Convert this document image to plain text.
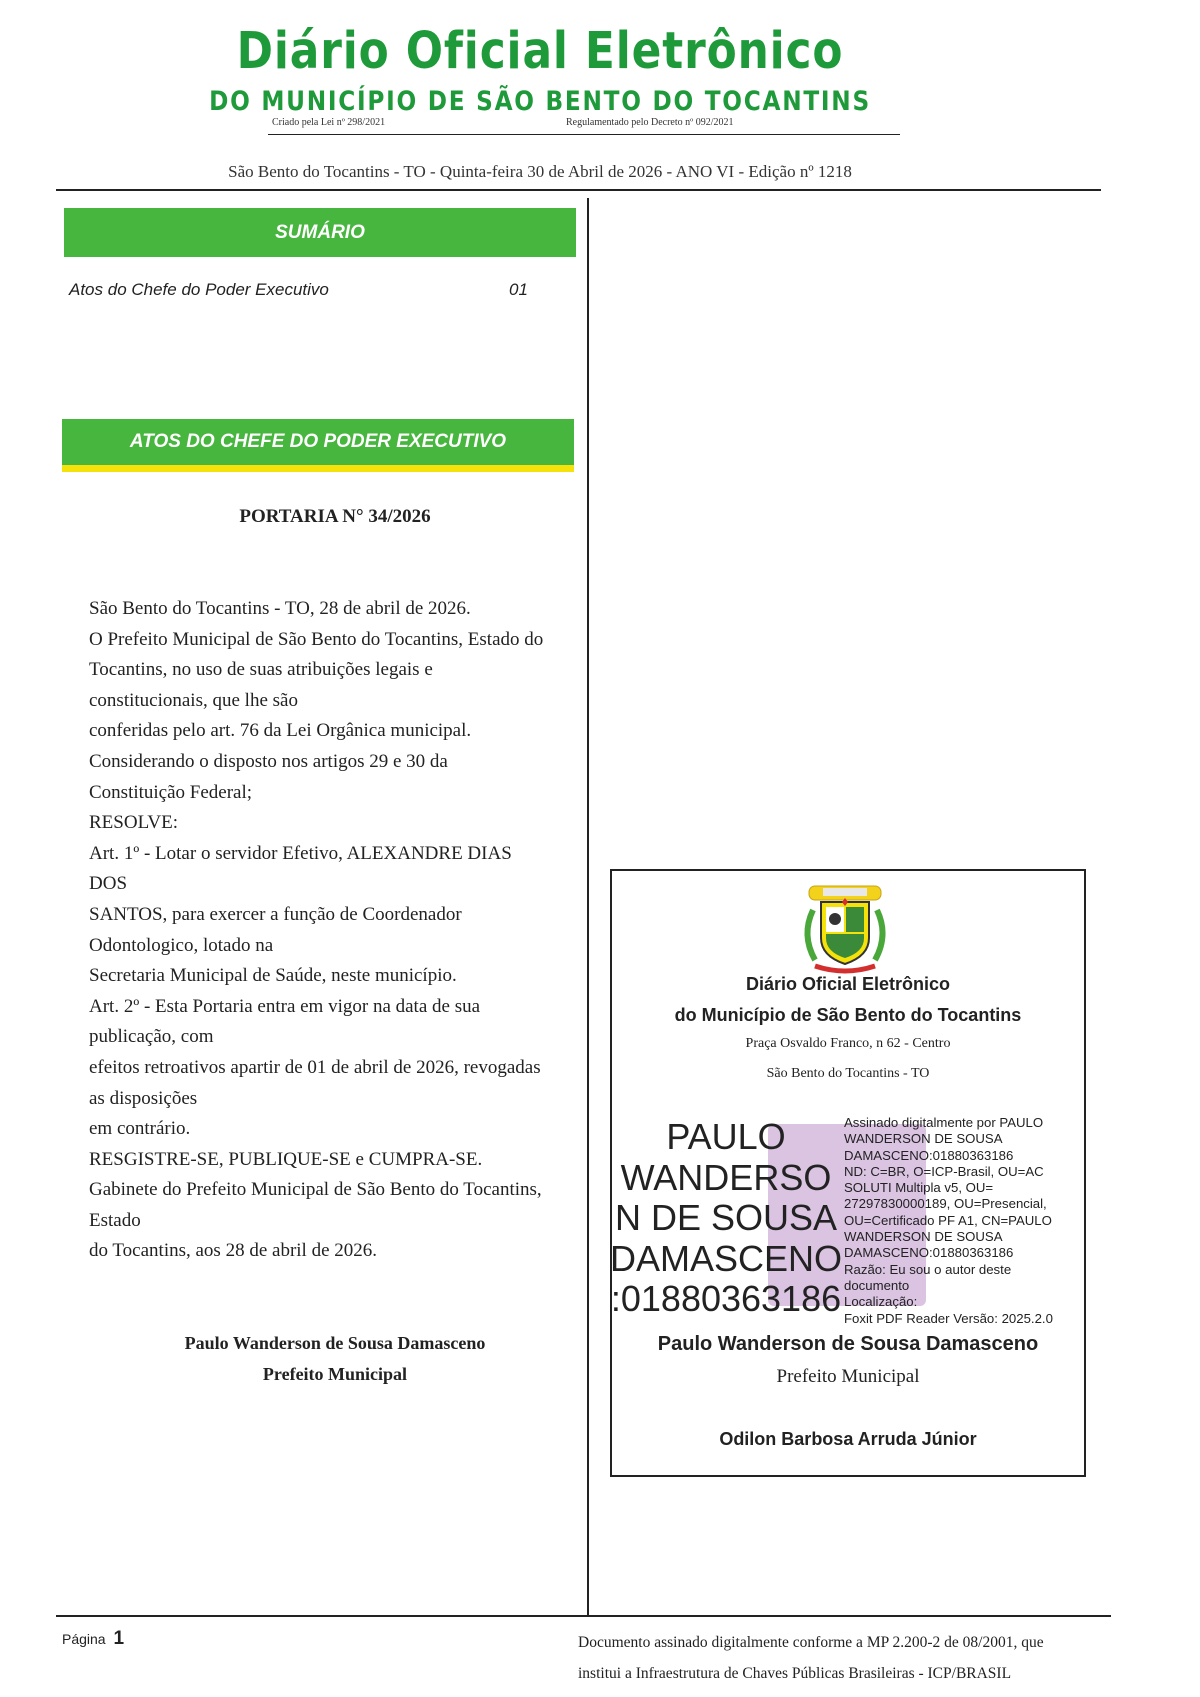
Diário Oficial Eletrônico
DO MUNICÍPIO DE SÃO BENTO DO TOCANTINS
Criado pela Lei nº 298/2021	Regulamentado pelo Decreto nº 092/2021
São Bento do Tocantins - TO - Quinta-feira 30 de Abril de 2026 - ANO VI - Edição nº 1218
SUMÁRIO
Atos do Chefe do Poder Executivo	01
ATOS DO CHEFE DO PODER EXECUTIVO
PORTARIA N° 34/2026
São Bento do Tocantins - TO, 28 de abril de 2026.
O Prefeito Municipal de São Bento do Tocantins, Estado do
Tocantins, no uso de suas atribuições legais e
constitucionais, que lhe são
conferidas pelo art. 76 da Lei Orgânica municipal.
Considerando o disposto nos artigos 29 e 30 da
Constituição Federal;
RESOLVE:
Art. 1º - Lotar o servidor Efetivo, ALEXANDRE DIAS
DOS
SANTOS, para exercer a função de Coordenador
Odontologico, lotado na
Secretaria Municipal de Saúde, neste município.
Art. 2º - Esta Portaria entra em vigor na data de sua
publicação, com
efeitos retroativos apartir de 01 de abril de 2026, revogadas
as disposições
em contrário.
RESGISTRE-SE, PUBLIQUE-SE e CUMPRA-SE.
Gabinete do Prefeito Municipal de São Bento do Tocantins,
Estado
do Tocantins, aos 28 de abril de 2026.
Paulo Wanderson de Sousa Damasceno
Prefeito Municipal
Diário Oficial Eletrônico
do Município de São Bento do Tocantins
Praça Osvaldo Franco, n 62 - Centro
São Bento do Tocantins - TO
PAULO
WANDERSO
N DE SOUSA
DAMASCENO
:01880363186
Assinado digitalmente por PAULO
WANDERSON DE SOUSA
DAMASCENO:01880363186
ND: C=BR, O=ICP-Brasil, OU=AC
SOLUTI Multipla v5, OU=
27297830000189, OU=Presencial,
OU=Certificado PF A1, CN=PAULO
WANDERSON DE SOUSA
DAMASCENO:01880363186
Razão: Eu sou o autor deste
documento
Localização:
Foxit PDF Reader Versão: 2025.2.0
Paulo Wanderson de Sousa Damasceno
Prefeito Municipal
Odilon Barbosa Arruda Júnior
Página 1	Documento assinado digitalmente conforme a MP 2.200-2 de 08/2001, que
institui a Infraestrutura de Chaves Públicas Brasileiras - ICP/BRASIL
